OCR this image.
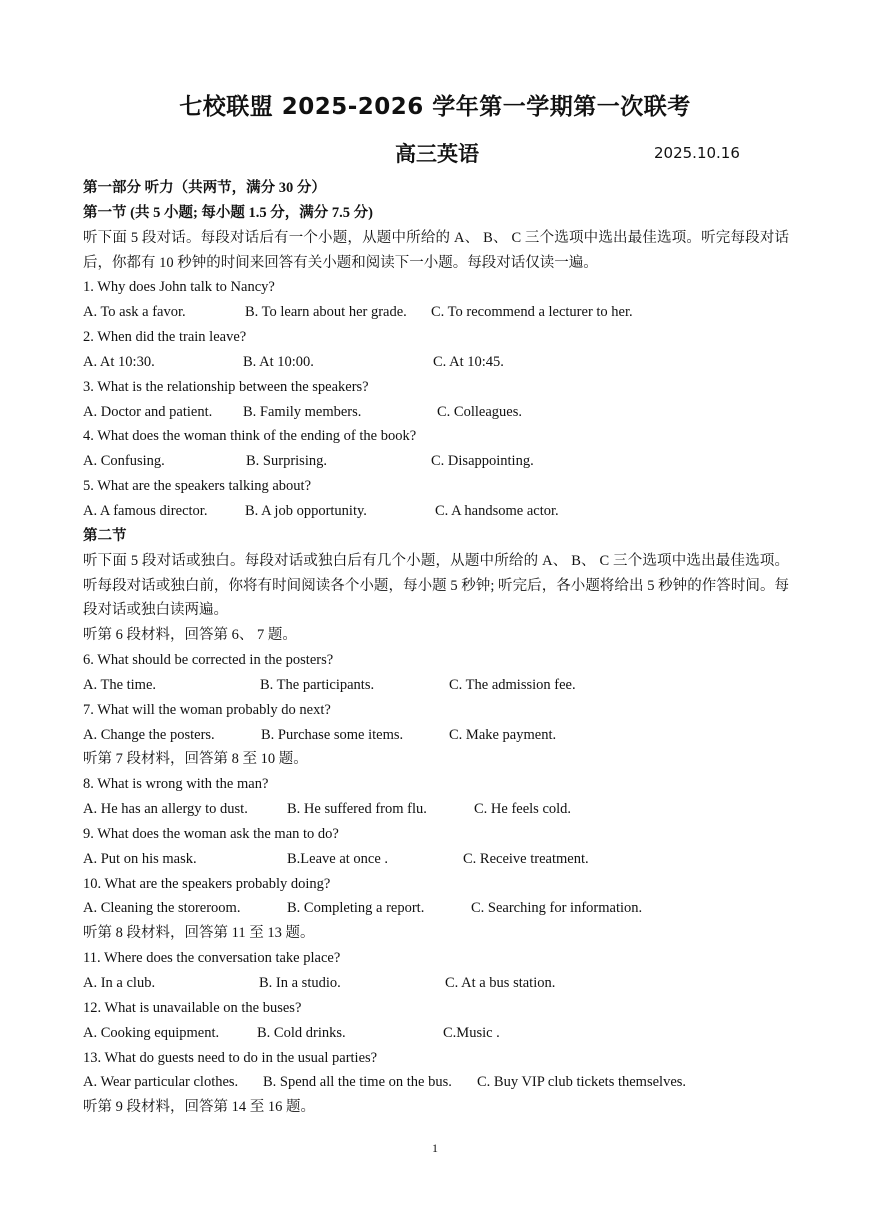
七校联盟 2025-2026 学年第一学期第一次联考
高三英语	2025.10.16
第一部分 听力（共两节，满分 30 分）
第一节 (共 5 小题; 每小题 1.5 分，满分 7.5 分)
听下面 5 段对话。每段对话后有一个小题，从题中所给的 A、 B、 C 三个选项中选出最佳选项。听完每段对话后，你都有 10 秒钟的时间来回答有关小题和阅读下一小题。每段对话仅读一遍。
1. Why does John talk to Nancy?
A. To ask a favor.	B. To learn about her grade. C. To recommend a lecturer to her.
2. When did the train leave?
A. At 10:30.	B. At 10:00.	C. At 10:45.
3. What is the relationship between the speakers?
A. Doctor and patient. B. Family members.	C. Colleagues.
4. What does the woman think of the ending of the book?
A. Confusing.	B. Surprising.	C. Disappointing.
5. What are the speakers talking about?
A. A famous director.	B. A job opportunity.	C. A handsome actor.
第二节
听下面 5 段对话或独白。每段对话或独白后有几个小题，从题中所给的 A、 B、 C 三个选项中选出最佳选项。听每段对话或独白前，你将有时间阅读各个小题，每小题 5 秒钟; 听完后，各小题将给出 5 秒钟的作答时间。每段对话或独白读两遍。
听第 6 段材料，回答第 6、 7 题。
6. What should be corrected in the posters?
A. The time.	B. The participants.	C. The admission fee.
7. What will the woman probably do next?
A. Change the posters.	B. Purchase some items.	C. Make payment.
听第 7 段材料，回答第 8 至 10 题。
8. What is wrong with the man?
A. He has an allergy to dust.	B. He suffered from flu.	C. He feels cold.
9. What does the woman ask the man to do?
A. Put on his mask.	B.Leave at once .	C. Receive treatment.
10. What are the speakers probably doing?
A. Cleaning the storeroom.	B. Completing a report.	C. Searching for information.
听第 8 段材料，回答第 11 至 13 题。
11. Where does the conversation take place?
A. In a club.	B. In a studio.	C. At a bus station.
12. What is unavailable on the buses?
A. Cooking equipment.	B. Cold drinks.	C.Music .
13. What do guests need to do in the usual parties?
A. Wear particular clothes. B. Spend all the time on the bus. C. Buy VIP club tickets themselves.
听第 9 段材料，回答第 14 至 16 题。
1
